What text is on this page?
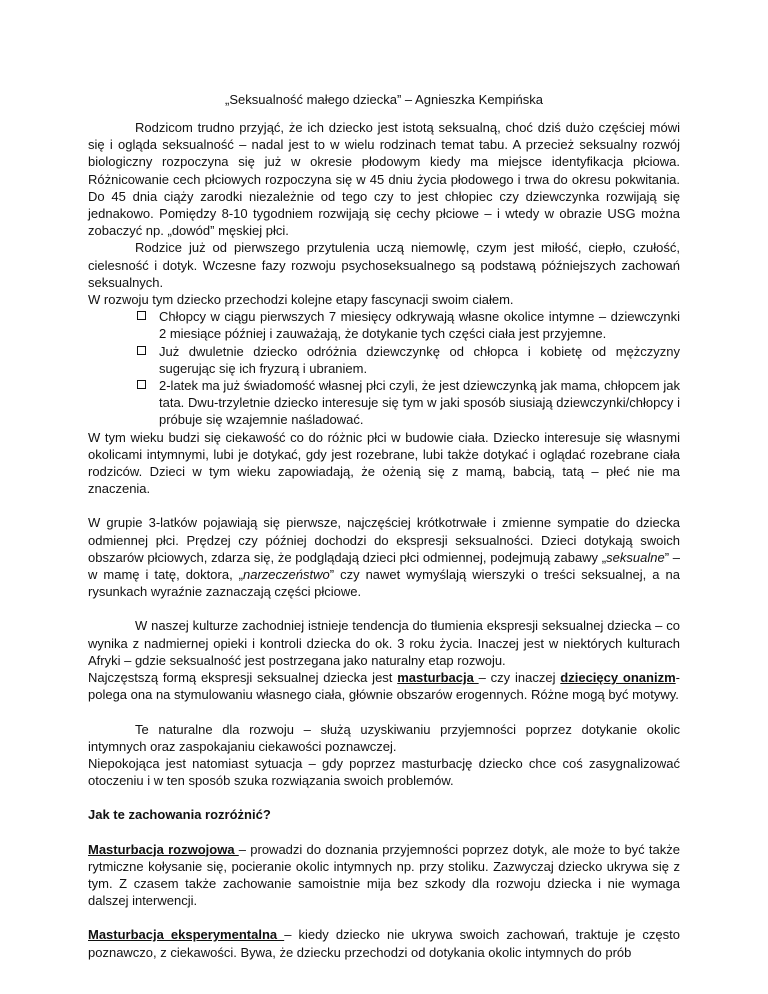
„Seksualność małego dziecka” – Agnieszka Kempińska

Rodzicom trudno przyjąć, że ich dziecko jest istotą seksualną, choć dziś dużo częściej mówi się i ogląda seksualność – nadal jest to w wielu rodzinach temat tabu. A przecież seksualny rozwój biologiczny rozpoczyna się już w okresie płodowym kiedy ma miejsce identyfikacja płciowa. Różnicowanie cech płciowych rozpoczyna się w 45 dniu życia płodowego i trwa do okresu pokwitania. Do 45 dnia ciąży zarodki niezależnie od tego czy to jest chłopiec czy dziewczynka rozwijają się jednakowo. Pomiędzy 8-10 tygodniem rozwijają się cechy płciowe – i wtedy w obrazie USG można zobaczyć np. „dowód” męskiej płci.

Rodzice już od pierwszego przytulenia uczą niemowlę, czym jest miłość, ciepło, czułość, cielesność i dotyk. Wczesne fazy rozwoju psychoseksualnego są podstawą późniejszych zachowań seksualnych.

W rozwoju tym dziecko przechodzi kolejne etapy fascynacji swoim ciałem.

Chłopcy w ciągu pierwszych 7 miesięcy odkrywają własne okolice intymne – dziewczynki 2 miesiące później i zauważają, że dotykanie tych części ciała jest przyjemne.
Już dwuletnie dziecko odróżnia dziewczynkę od chłopca i kobietę od mężczyzny sugerując się ich fryzurą i ubraniem.
2-latek ma już świadomość własnej płci czyli, że jest dziewczynką jak mama, chłopcem jak tata. Dwu-trzyletnie dziecko interesuje się tym w jaki sposób siusiają dziewczynki/chłopcy i próbuje się wzajemnie naśladować.

W tym wieku budzi się ciekawość co do różnic płci w budowie ciała. Dziecko interesuje się własnymi okolicami intymnymi, lubi je dotykać, gdy jest rozebrane, lubi także dotykać i oglądać rozebrane ciała rodziców. Dzieci w tym wieku zapowiadają, że ożenią się z mamą, babcią, tatą – płeć nie ma znaczenia.

W grupie 3-latków pojawiają się pierwsze, najczęściej krótkotrwałe i zmienne sympatie do dziecka odmiennej płci. Prędzej czy później dochodzi do ekspresji seksualności. Dzieci dotykają swoich obszarów płciowych, zdarza się, że podglądają dzieci płci odmiennej, podejmują zabawy „seksualne” – w mamę i tatę, doktora, „narzeczeństwo” czy nawet wymyślają wierszyki o treści seksualnej, a na rysunkach wyraźnie zaznaczają części płciowe.

W naszej kulturze zachodniej istnieje tendencja do tłumienia ekspresji seksualnej dziecka – co wynika z nadmiernej opieki i kontroli dziecka do ok. 3 roku życia. Inaczej jest w niektórych kulturach Afryki – gdzie seksualność jest postrzegana jako naturalny etap rozwoju.

Najczęstszą formą ekspresji seksualnej dziecka jest masturbacja – czy inaczej dziecięcy onanizm-polega ona na stymulowaniu własnego ciała, głównie obszarów erogennych. Różne mogą być motywy.

Te naturalne dla rozwoju – służą uzyskiwaniu przyjemności poprzez dotykanie okolic intymnych oraz zaspokajaniu ciekawości poznawczej.

Niepokojąca jest natomiast sytuacja – gdy poprzez masturbację dziecko chce coś zasygnalizować otoczeniu i w ten sposób szuka rozwiązania swoich problemów.

Jak te zachowania rozróżnić?

Masturbacja rozwojowa – prowadzi do doznania przyjemności poprzez dotyk, ale może to być także rytmiczne kołysanie się, pocieranie okolic intymnych np. przy stoliku. Zazwyczaj dziecko ukrywa się z tym. Z czasem także zachowanie samoistnie mija bez szkody dla rozwoju dziecka i nie wymaga dalszej interwencji.

Masturbacja eksperymentalna – kiedy dziecko nie ukrywa swoich zachowań, traktuje je często poznawczo, z ciekawości. Bywa, że dziecku przechodzi od dotykania okolic intymnych do prób
